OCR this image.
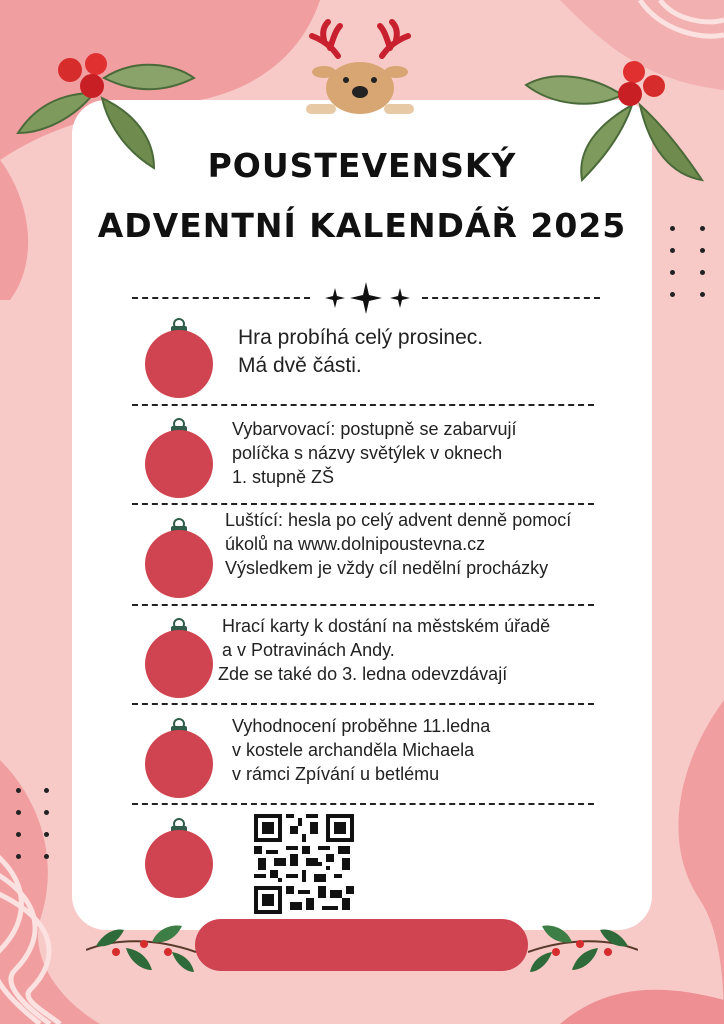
POUSTEVENSKÝ
ADVENTNÍ KALENDÁŘ 2025
Hra probíhá celý prosinec.
Má dvě části.
Vybarvovací: postupně se zabarvují
políčka s názvy světýlek v oknech
1. stupně ZŠ
Luštící: hesla po celý advent denně pomocí
úkolů na www.dolnipoustevna.cz
Výsledkem je vždy cíl nedělní procházky
Hrací karty k dostání na městském úřadě
a v Potravinách Andy.
Zde se také do 3. ledna odevzdávají
Vyhodnocení proběhne 11.ledna
v kostele archanděla Michaela
v rámci Zpívání u betlému
